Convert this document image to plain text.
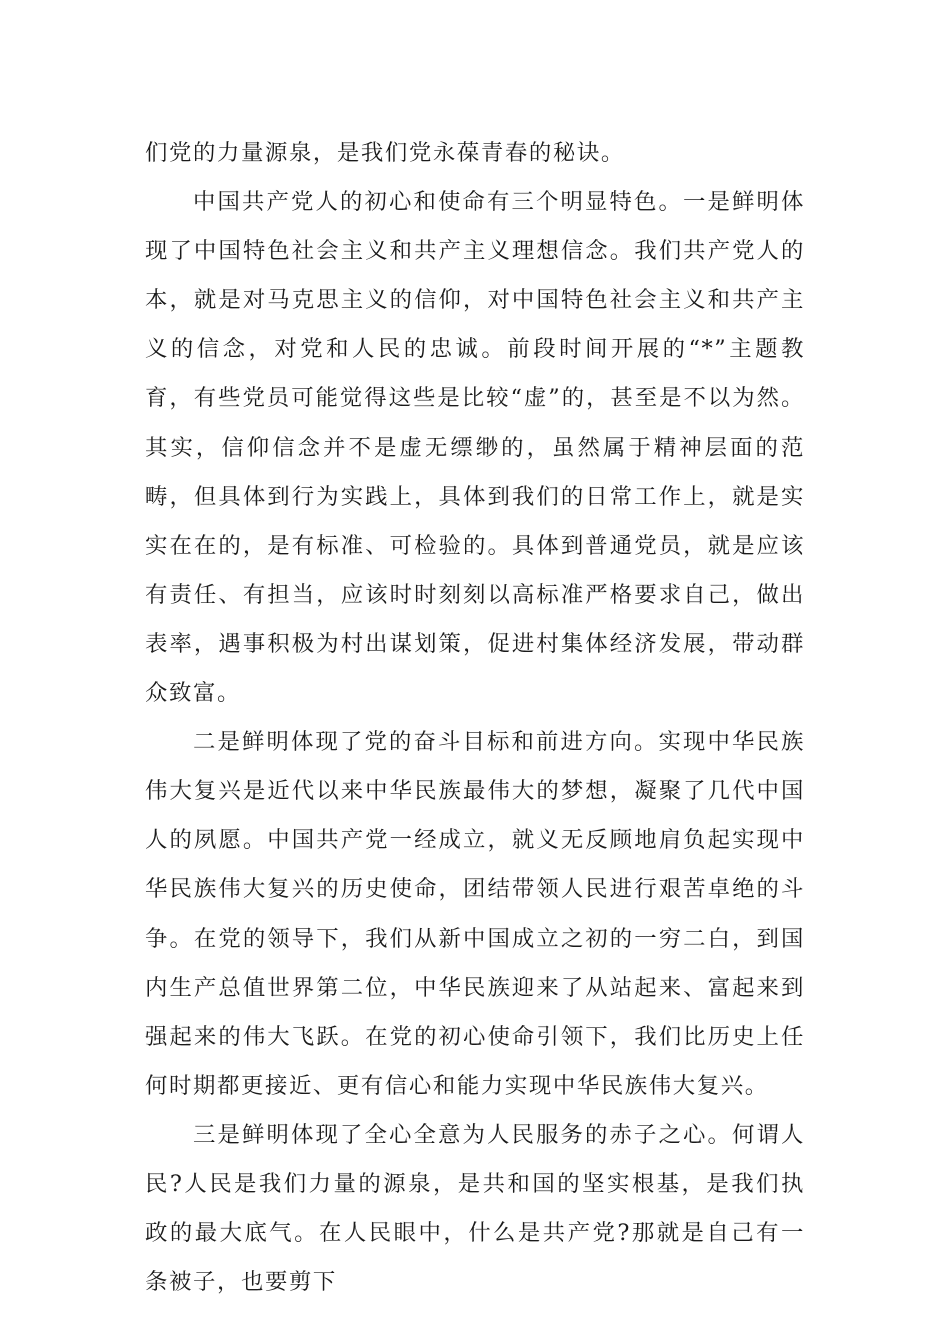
们党的力量源泉，是我们党永葆青春的秘诀。

中国共产党人的初心和使命有三个明显特色。一是鲜明体现了中国特色社会主义和共产主义理想信念。我们共产党人的本，就是对马克思主义的信仰，对中国特色社会主义和共产主义的信念，对党和人民的忠诚。前段时间开展的“*”主题教育，有些党员可能觉得这些是比较“虚”的，甚至是不以为然。其实，信仰信念并不是虚无缥缈的，虽然属于精神层面的范畴，但具体到行为实践上，具体到我们的日常工作上，就是实实在在的，是有标准、可检验的。具体到普通党员，就是应该有责任、有担当，应该时时刻刻以高标准严格要求自己，做出表率，遇事积极为村出谋划策，促进村集体经济发展，带动群众致富。

二是鲜明体现了党的奋斗目标和前进方向。实现中华民族伟大复兴是近代以来中华民族最伟大的梦想，凝聚了几代中国人的夙愿。中国共产党一经成立，就义无反顾地肩负起实现中华民族伟大复兴的历史使命，团结带领人民进行艰苦卓绝的斗争。在党的领导下，我们从新中国成立之初的一穷二白，到国内生产总值世界第二位，中华民族迎来了从站起来、富起来到强起来的伟大飞跃。在党的初心使命引领下，我们比历史上任何时期都更接近、更有信心和能力实现中华民族伟大复兴。

三是鲜明体现了全心全意为人民服务的赤子之心。何谓人民?人民是我们力量的源泉，是共和国的坚实根基，是我们执政的最大底气。在人民眼中，什么是共产党?那就是自己有一条被子，也要剪下
